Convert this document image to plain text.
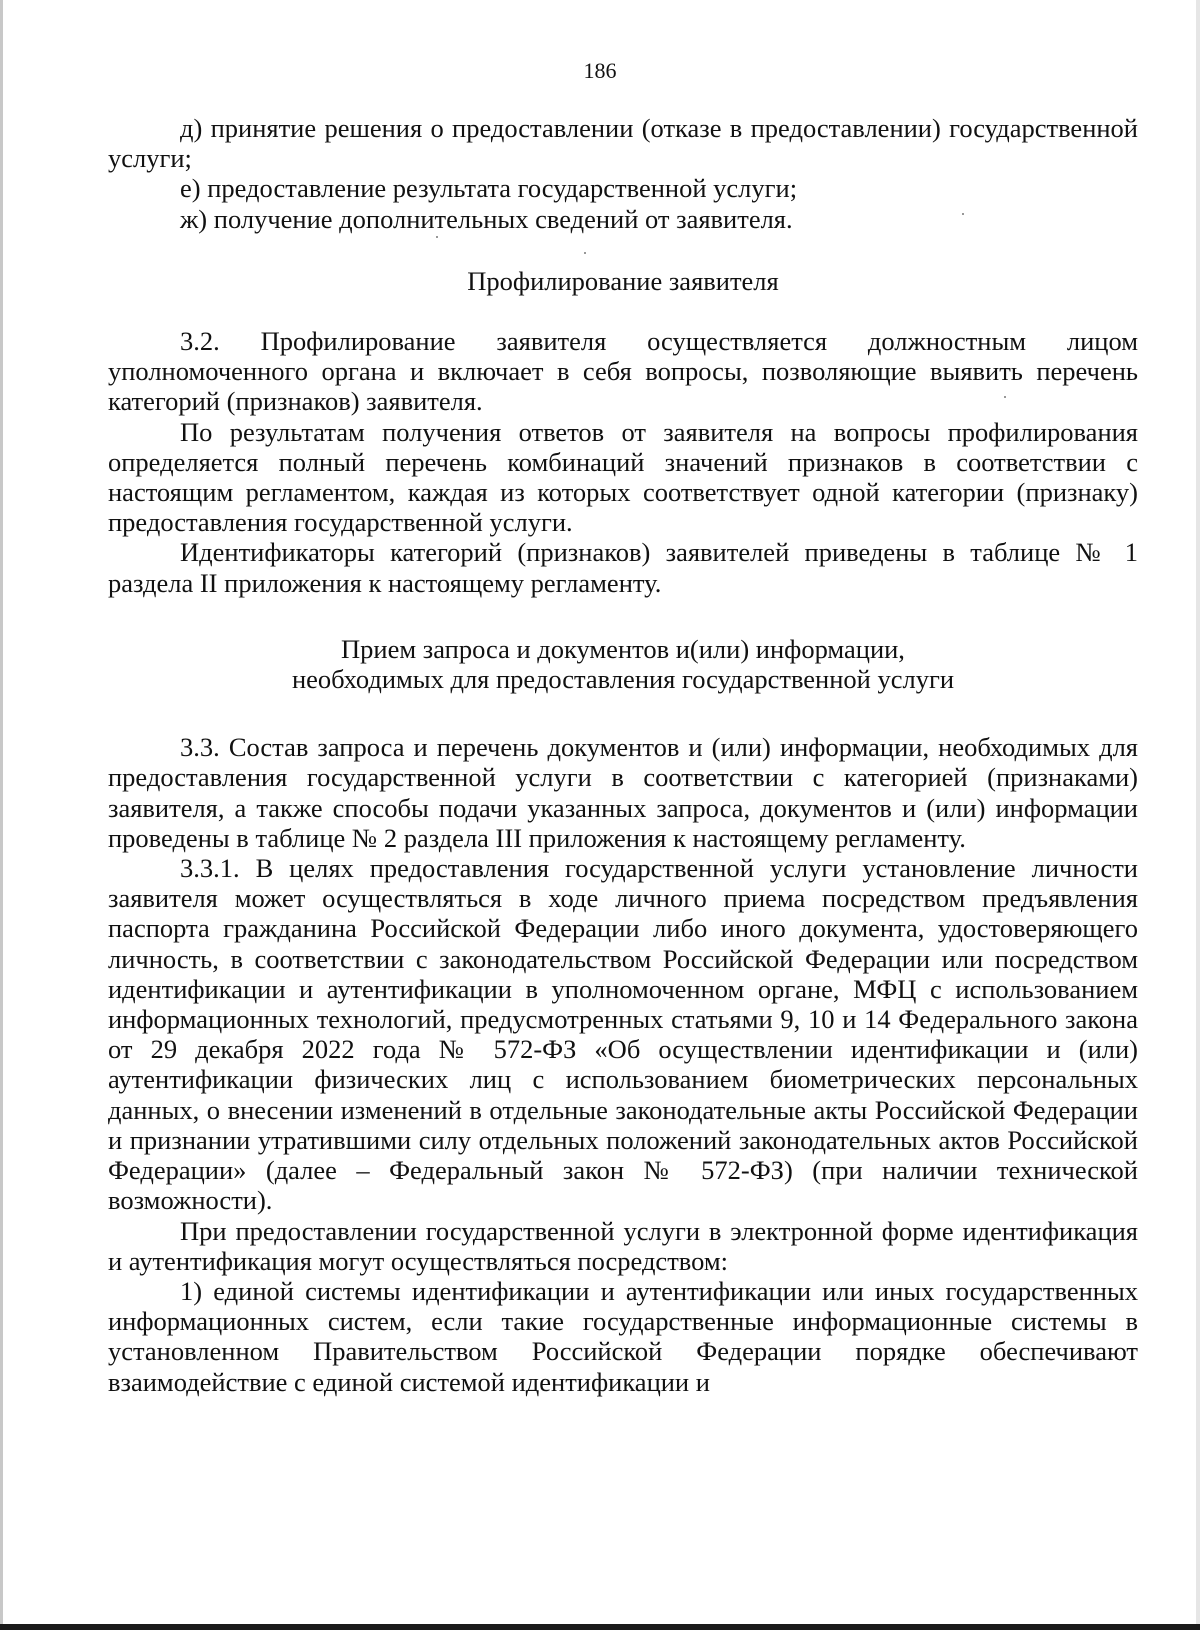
186

д) принятие решения о предоставлении (отказе в предоставлении) государственной услуги;

е) предоставление результата государственной услуги;

ж) получение дополнительных сведений от заявителя.

Профилирование заявителя

3.2. Профилирование заявителя осуществляется должностным лицом уполномоченного органа и включает в себя вопросы, позволяющие выявить перечень категорий (признаков) заявителя.

По результатам получения ответов от заявителя на вопросы профилирования определяется полный перечень комбинаций значений признаков в соответствии с настоящим регламентом, каждая из которых соответствует одной категории (признаку) предоставления государственной услуги.

Идентификаторы категорий (признаков) заявителей приведены в таблице № 1 раздела II приложения к настоящему регламенту.

Прием запроса и документов и(или) информации,
необходимых для предоставления государственной услуги

3.3. Состав запроса и перечень документов и (или) информации, необходимых для предоставления государственной услуги в соответствии с категорией (признаками) заявителя, а также способы подачи указанных запроса, документов и (или) информации проведены в таблице № 2 раздела III приложения к настоящему регламенту.

3.3.1. В целях предоставления государственной услуги установление личности заявителя может осуществляться в ходе личного приема посредством предъявления паспорта гражданина Российской Федерации либо иного документа, удостоверяющего личность, в соответствии с законодательством Российской Федерации или посредством идентификации и аутентификации в уполномоченном органе, МФЦ с использованием информационных технологий, предусмотренных статьями 9, 10 и 14 Федерального закона от 29 декабря 2022 года № 572-ФЗ «Об осуществлении идентификации и (или) аутентификации физических лиц с использованием биометрических персональных данных, о внесении изменений в отдельные законодательные акты Российской Федерации и признании утратившими силу отдельных положений законодательных актов Российской Федерации» (далее – Федеральный закон № 572-ФЗ) (при наличии технической возможности).

При предоставлении государственной услуги в электронной форме идентификация и аутентификация могут осуществляться посредством:

1) единой системы идентификации и аутентификации или иных государственных информационных систем, если такие государственные информационные системы в установленном Правительством Российской Федерации порядке обеспечивают взаимодействие с единой системой идентификации и
